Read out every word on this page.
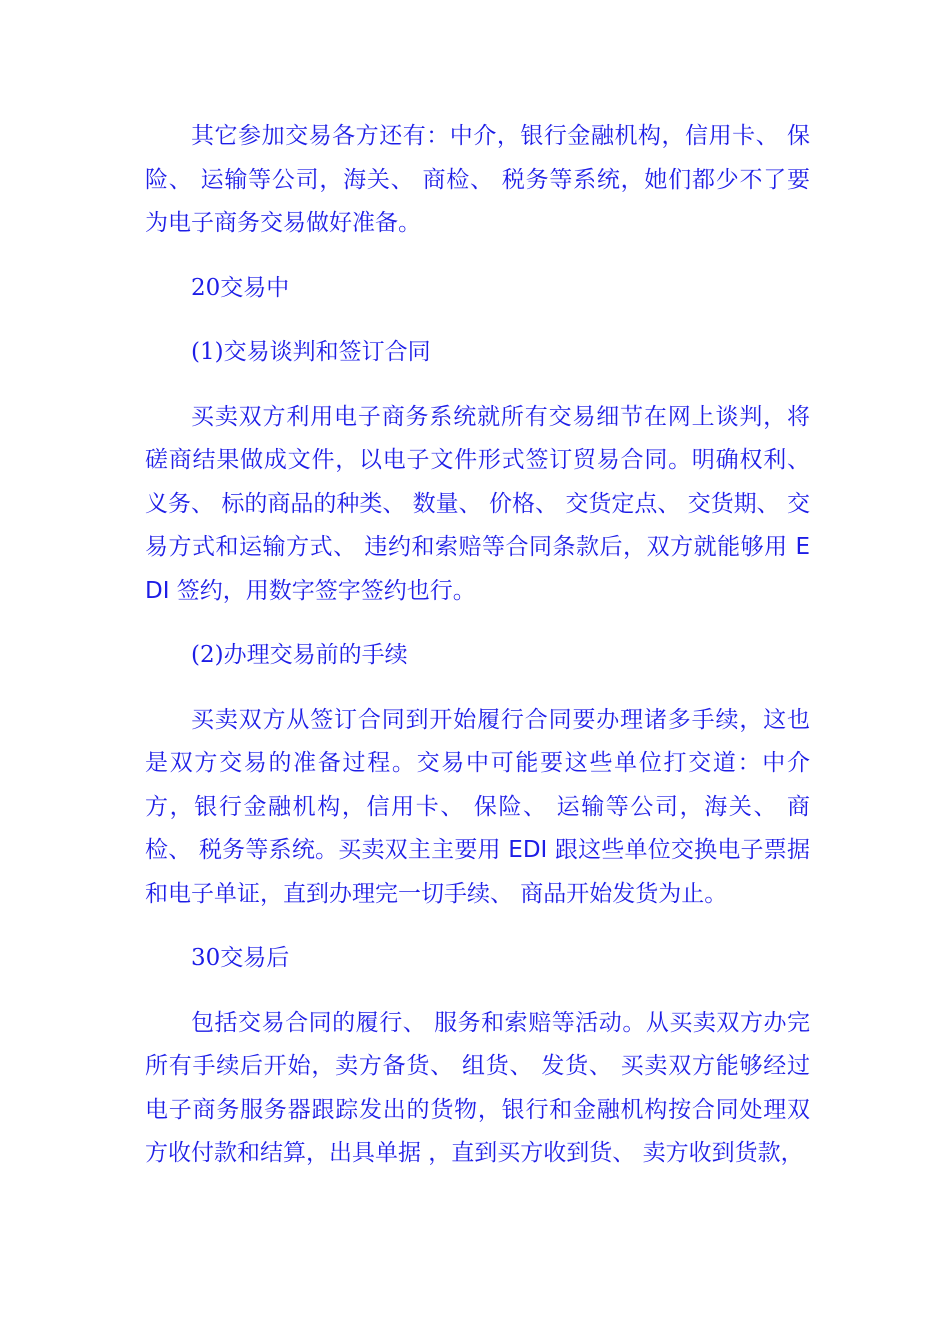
其它参加交易各方还有：中介，银行金融机构，信用卡、 保险、 运输等公司，海关、 商检、 税务等系统，她们都少不了要为电子商务交易做好准备。

20交易中

(1)交易谈判和签订合同

买卖双方利用电子商务系统就所有交易细节在网上谈判，将磋商结果做成文件，以电子文件形式签订贸易合同。明确权利、 义务、 标的商品的种类、 数量、 价格、 交货定点、 交货期、 交易方式和运输方式、 违约和索赔等合同条款后，双方就能够用 EDI 签约，用数字签字签约也行。

(2)办理交易前的手续

买卖双方从签订合同到开始履行合同要办理诸多手续，这也是双方交易的准备过程。交易中可能要这些单位打交道：中介方，银行金融机构，信用卡、 保险、 运输等公司，海关、 商检、 税务等系统。买卖双主主要用 EDI 跟这些单位交换电子票据和电子单证，直到办理完一切手续、 商品开始发货为止。

30交易后

包括交易合同的履行、 服务和索赔等活动。从买卖双方办完所有手续后开始，卖方备货、 组货、 发货、 买卖双方能够经过电子商务服务器跟踪发出的货物，银行和金融机构按合同处理双方收付款和结算，出具单据 ，直到买方收到货、 卖方收到货款，
